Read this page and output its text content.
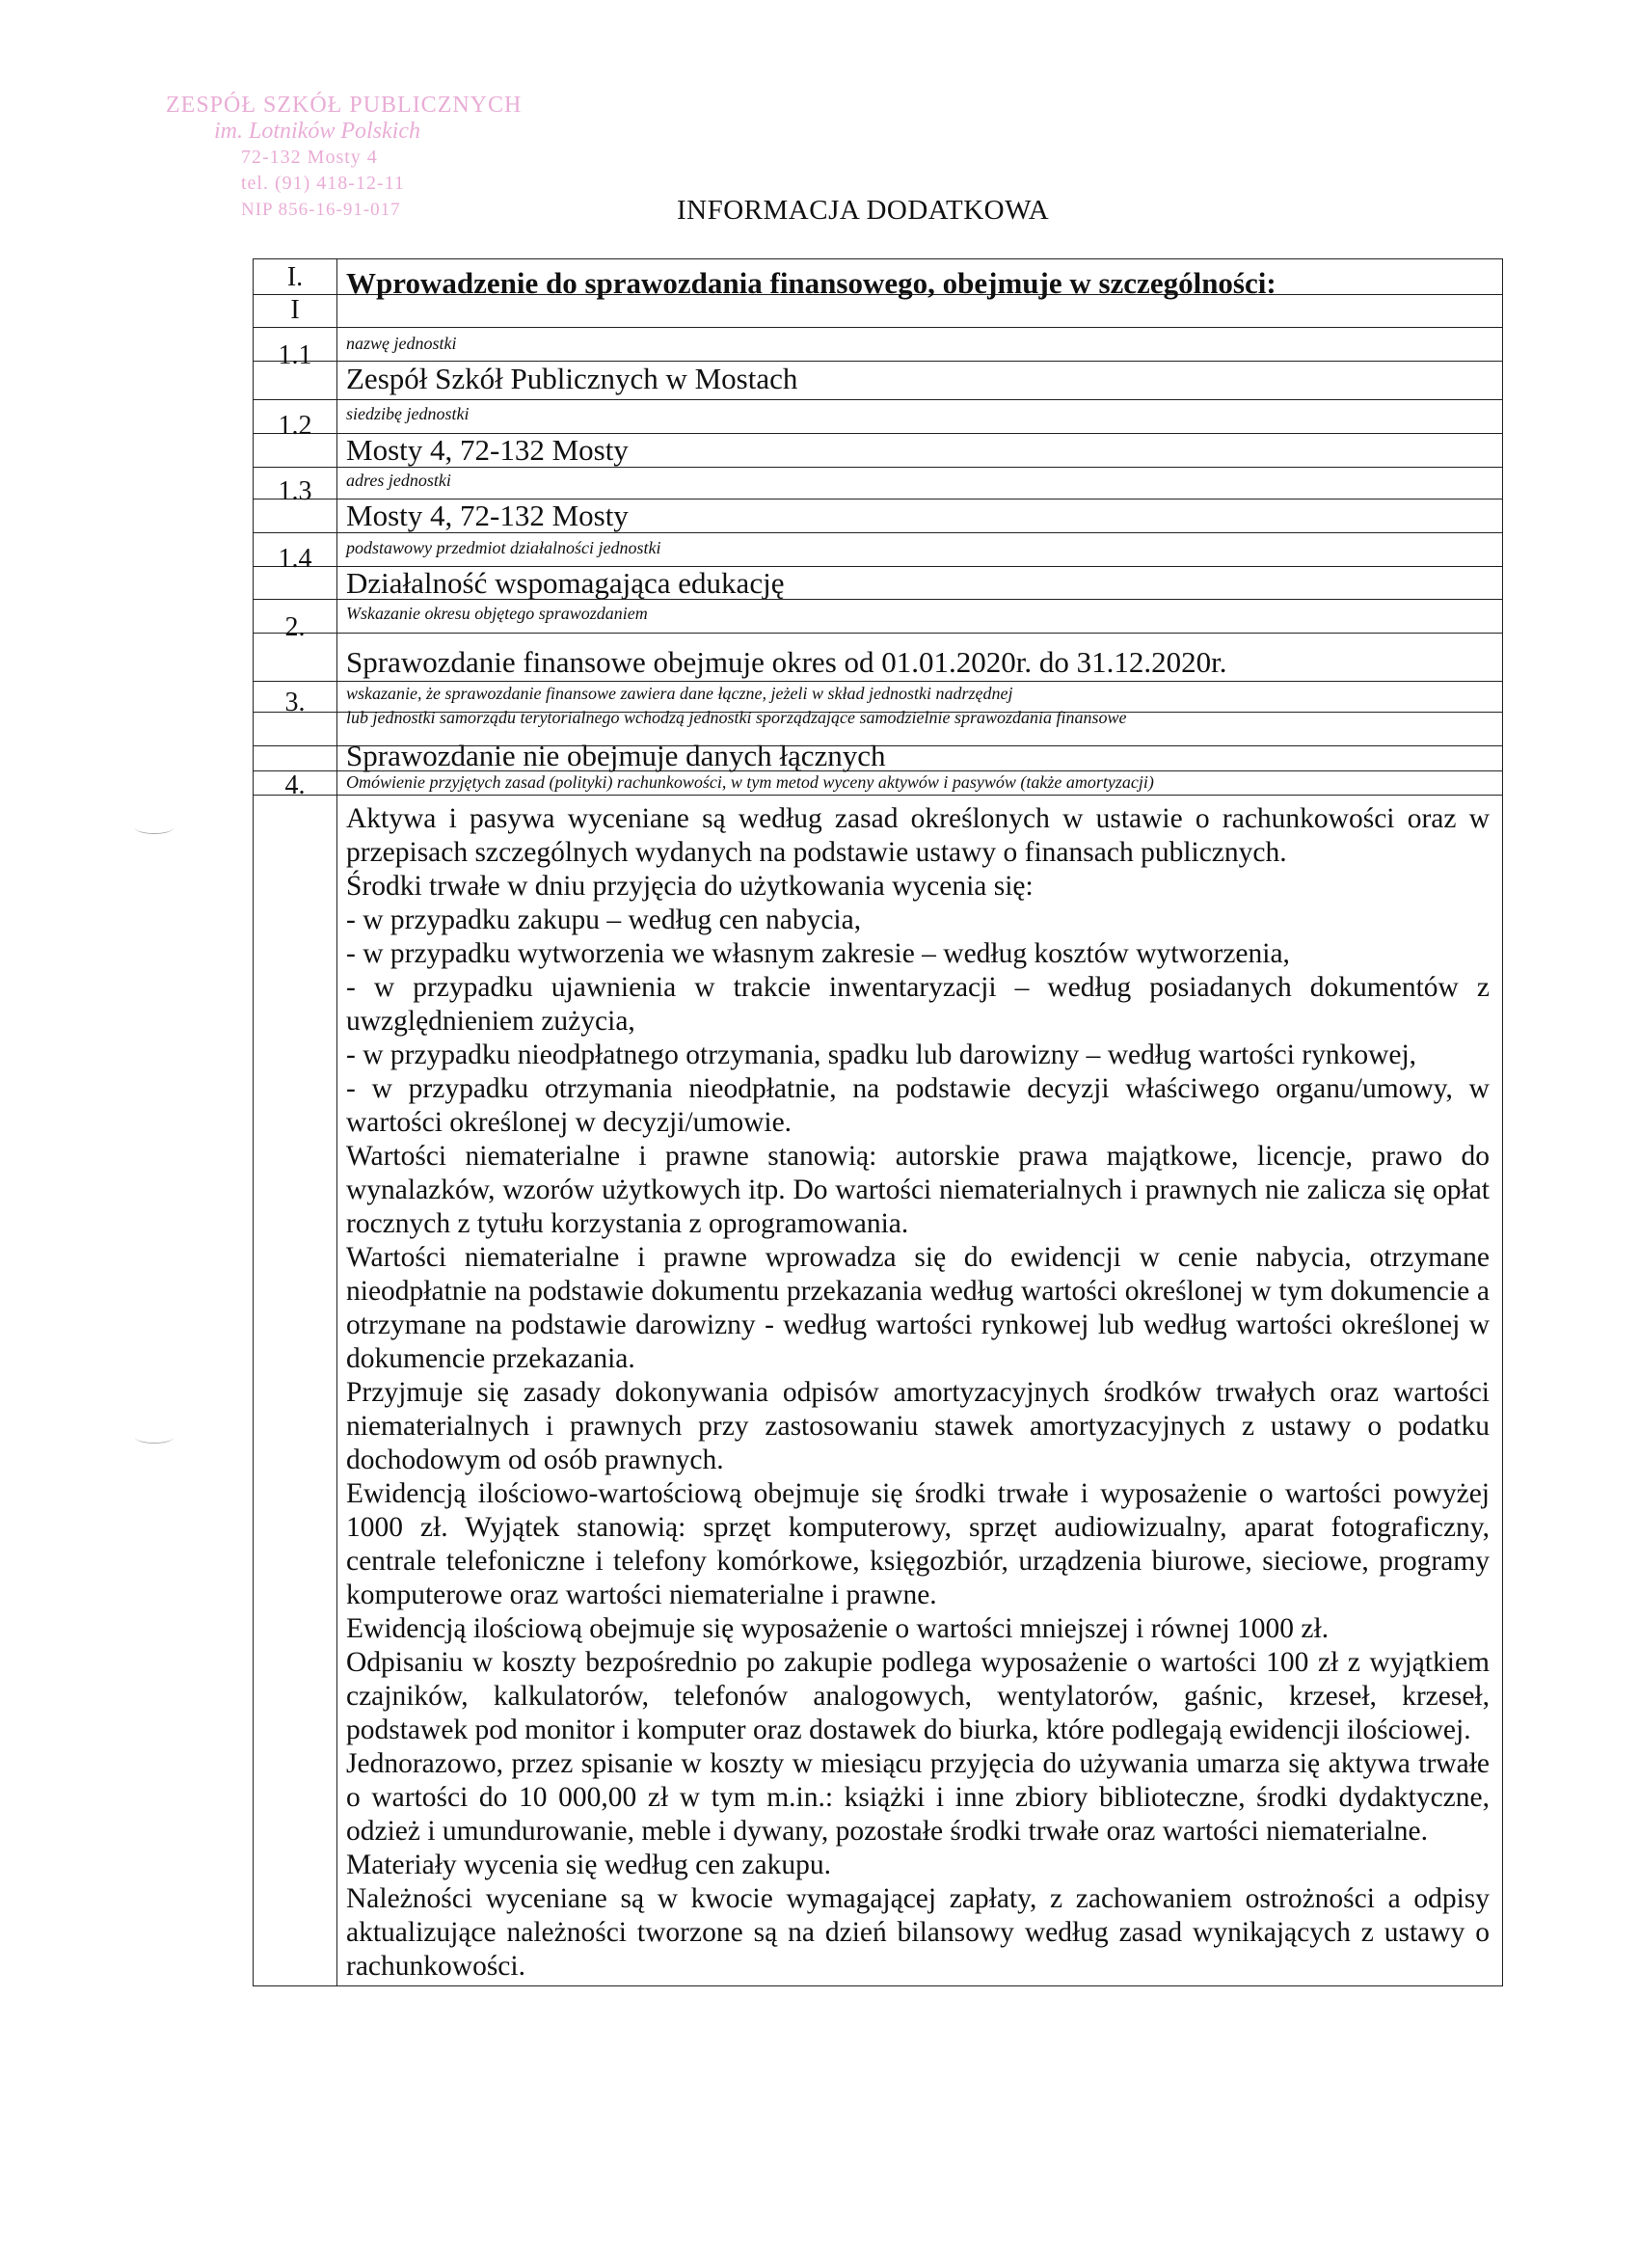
ZESPÓŁ SZKÓŁ PUBLICZNYCH
im. Lotników Polskich
72-132 Mosty 4
tel. (91) 418-12-11
NIP 856-16-91-017	INFORMACJA DODATKOWA
I.	Wprowadzenie do sprawozdania finansowego, obejmuje w szczególności:
I
1.1	nazwę jednostki
Zespół Szkół Publicznych w Mostach
1.2	siedzibę jednostki
Mosty 4, 72-132 Mosty
1.3	adres jednostki
Mosty 4, 72-132 Mosty
1.4	podstawowy przedmiot działalności jednostki
Działalność wspomagająca edukację
2.	Wskazanie okresu objętego sprawozdaniem
Sprawozdanie finansowe obejmuje okres od 01.01.2020r. do 31.12.2020r.
3.	wskazanie, że sprawozdanie finansowe zawiera dane łączne, jeżeli w skład jednostki nadrzędnej
lub jednostki samorządu terytorialnego wchodzą jednostki sporządzające samodzielnie sprawozdania finansowe
Sprawozdanie nie obejmuje danych łącznych
4.	Omówienie przyjętych zasad (polityki) rachunkowości, w tym metod wyceny aktywów i pasywów (także amortyzacji)

Aktywa i pasywa wyceniane są według zasad określonych w ustawie o rachunkowości oraz w przepisach szczególnych wydanych na podstawie ustawy o finansach publicznych.

Środki trwałe w dniu przyjęcia do użytkowania wycenia się:

- w przypadku zakupu – według cen nabycia,

- w przypadku wytworzenia we własnym zakresie – według kosztów wytworzenia,

- w przypadku ujawnienia w trakcie inwentaryzacji – według posiadanych dokumentów z uwzględnieniem zużycia,

- w przypadku nieodpłatnego otrzymania, spadku lub darowizny – według wartości rynkowej,

- w przypadku otrzymania nieodpłatnie, na podstawie decyzji właściwego organu/umowy, w wartości określonej w decyzji/umowie.

Wartości niematerialne i prawne stanowią: autorskie prawa majątkowe, licencje, prawo do wynalazków, wzorów użytkowych itp. Do wartości niematerialnych i prawnych nie zalicza się opłat rocznych z tytułu korzystania z oprogramowania.

Wartości niematerialne i prawne wprowadza się do ewidencji w cenie nabycia, otrzymane nieodpłatnie na podstawie dokumentu przekazania według wartości określonej w tym dokumencie a otrzymane na podstawie darowizny - według wartości rynkowej lub według wartości określonej w dokumencie przekazania.

Przyjmuje się zasady dokonywania odpisów amortyzacyjnych środków trwałych oraz wartości niematerialnych i prawnych przy zastosowaniu stawek amortyzacyjnych z ustawy o podatku dochodowym od osób prawnych.

Ewidencją ilościowo-wartościową obejmuje się środki trwałe i wyposażenie o wartości powyżej 1000 zł. Wyjątek stanowią: sprzęt komputerowy, sprzęt audiowizualny, aparat fotograficzny, centrale telefoniczne i telefony komórkowe, księgozbiór, urządzenia biurowe, sieciowe, programy komputerowe oraz wartości niematerialne i prawne.

Ewidencją ilościową obejmuje się wyposażenie o wartości mniejszej i równej 1000 zł.

Odpisaniu w koszty bezpośrednio po zakupie podlega wyposażenie o wartości 100 zł z wyjątkiem czajników, kalkulatorów, telefonów analogowych, wentylatorów, gaśnic, krzeseł, krzeseł, podstawek pod monitor i komputer oraz dostawek do biurka, które podlegają ewidencji ilościowej.

Jednorazowo, przez spisanie w koszty w miesiącu przyjęcia do używania umarza się aktywa trwałe o wartości do 10 000,00 zł w tym m.in.: książki i inne zbiory biblioteczne, środki dydaktyczne, odzież i umundurowanie, meble i dywany, pozostałe środki trwałe oraz wartości niematerialne.

Materiały wycenia się według cen zakupu.

Należności wyceniane są w kwocie wymagającej zapłaty, z zachowaniem ostrożności a odpisy aktualizujące należności tworzone są na dzień bilansowy według zasad wynikających z ustawy o rachunkowości.
